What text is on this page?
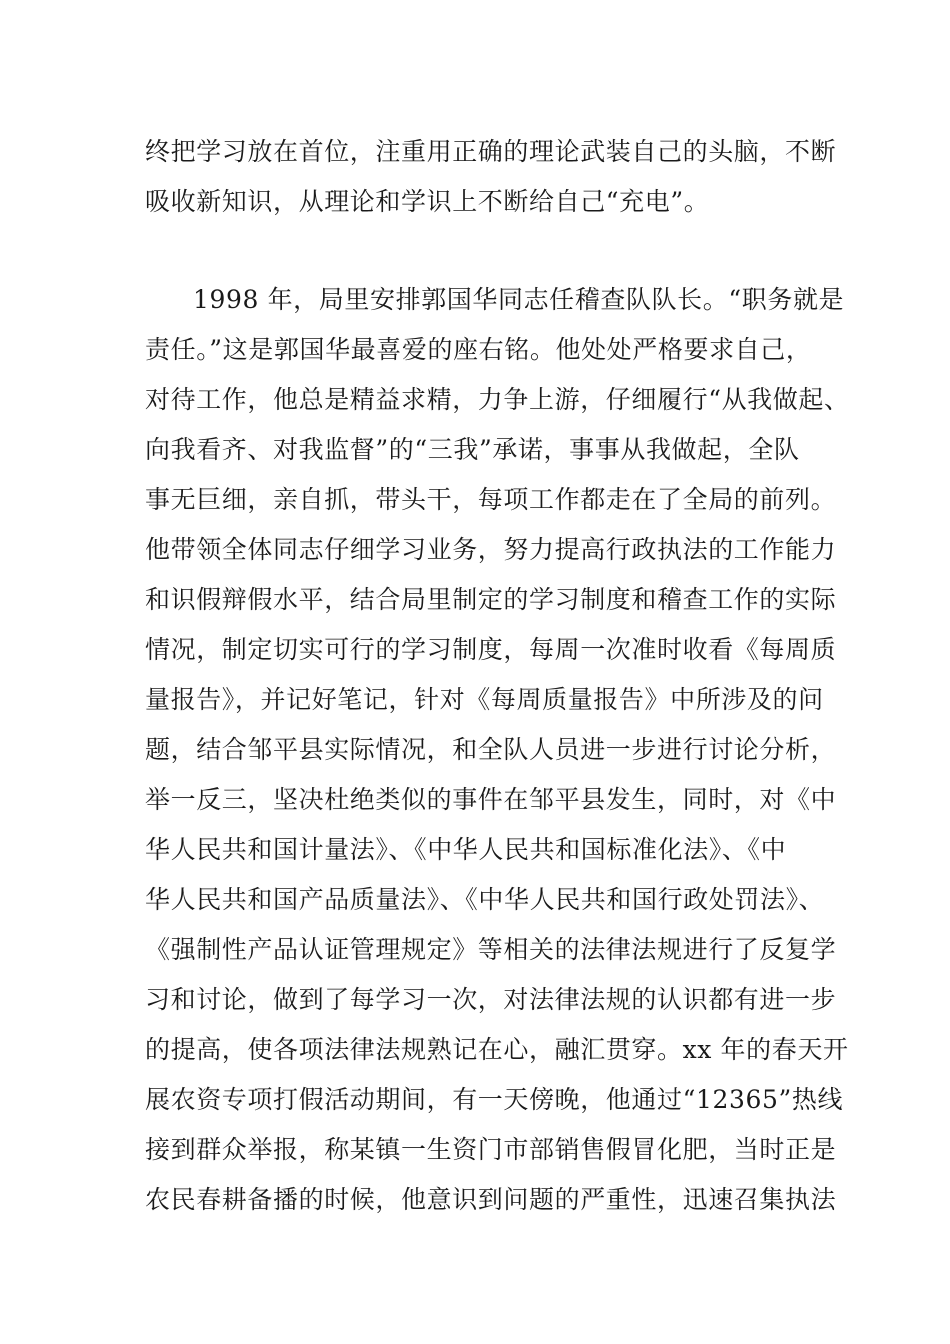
终把学习放在首位，注重用正确的理论武装自己的头脑，不断
吸收新知识，从理论和学识上不断给自己“充电”。
1998 年，局里安排郭国华同志任稽查队队长。“职务就是
责任。”这是郭国华最喜爱的座右铭。他处处严格要求自己，
对待工作，他总是精益求精，力争上游，仔细履行“从我做起、
向我看齐、对我监督”的“三我”承诺，事事从我做起，全队
事无巨细，亲自抓，带头干，每项工作都走在了全局的前列。
他带领全体同志仔细学习业务，努力提高行政执法的工作能力
和识假辩假水平，结合局里制定的学习制度和稽查工作的实际
情况，制定切实可行的学习制度，每周一次准时收看《每周质
量报告》，并记好笔记，针对《每周质量报告》中所涉及的问
题，结合邹平县实际情况，和全队人员进一步进行讨论分析，
举一反三，坚决杜绝类似的事件在邹平县发生，同时，对《中
华人民共和国计量法》、《中华人民共和国标准化法》、《中
华人民共和国产品质量法》、《中华人民共和国行政处罚法》、
《强制性产品认证管理规定》等相关的法律法规进行了反复学
习和讨论，做到了每学习一次，对法律法规的认识都有进一步
的提高，使各项法律法规熟记在心，融汇贯穿。xx 年的春天开
展农资专项打假活动期间，有一天傍晚，他通过“12365”热线
接到群众举报，称某镇一生资门市部销售假冒化肥，当时正是
农民春耕备播的时候，他意识到问题的严重性，迅速召集执法
